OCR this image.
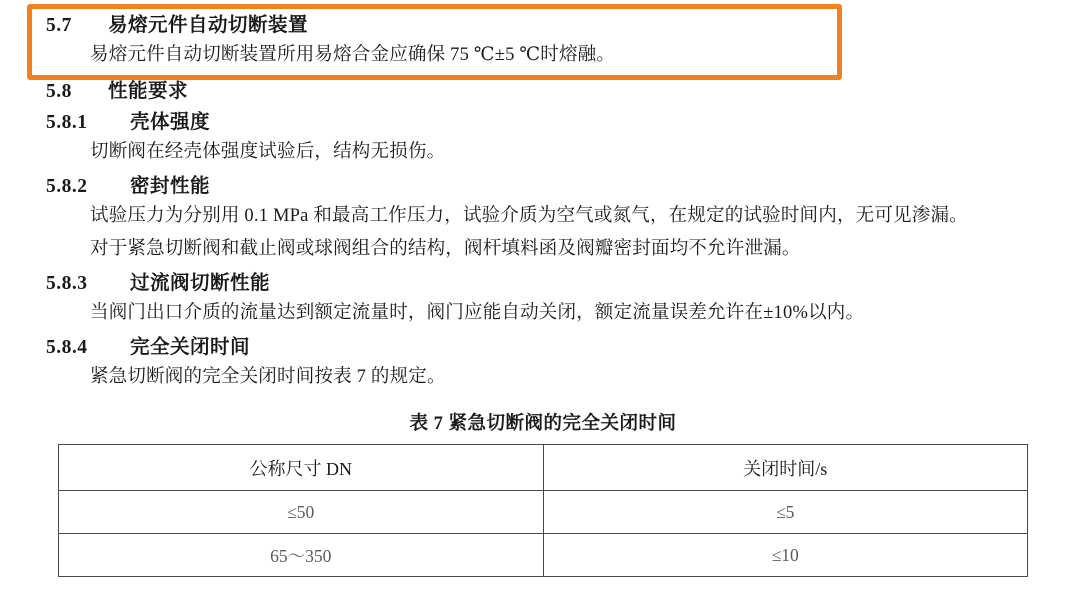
5.7 易熔元件自动切断装置

易熔元件自动切断装置所用易熔合金应确保 75 ℃±5 ℃时熔融。

5.8 性能要求
5.8.1 壳体强度

切断阀在经壳体强度试验后，结构无损伤。

5.8.2 密封性能

试验压力为分别用 0.1 MPa 和最高工作压力，试验介质为空气或氮气，在规定的试验时间内，无可见渗漏。

对于紧急切断阀和截止阀或球阀组合的结构，阀杆填料函及阀瓣密封面均不允许泄漏。

5.8.3 过流阀切断性能

当阀门出口介质的流量达到额定流量时，阀门应能自动关闭，额定流量误差允许在±10%以内。

5.8.4 完全关闭时间

紧急切断阀的完全关闭时间按表 7 的规定。

表 7 紧急切断阀的完全关闭时间
公称尺寸 DN	关闭时间/s
≤50	≤5
65～350	≤10
